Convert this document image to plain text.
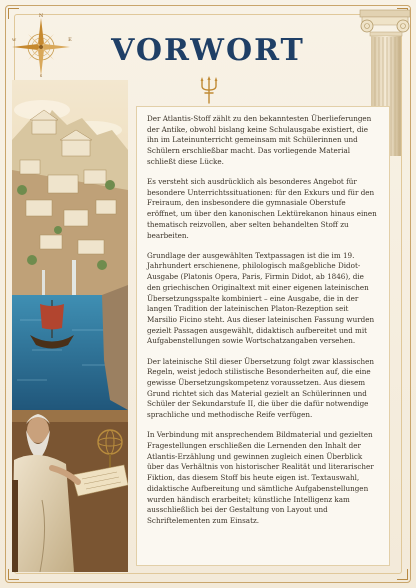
N
E
S
W	VORWORT

Der Atlantis-Stoff zählt zu den bekanntesten Überlieferungen der Antike, obwohl bislang keine Schulausgabe existiert, die ihn im Lateinunterricht gemeinsam mit Schülerinnen und Schülern erschließbar macht. Das vorliegende Material schließt diese Lücke.

Es versteht sich ausdrücklich als besonderes Angebot für besondere Unterrichtssituationen: für den Exkurs und für den Freiraum, den insbesondere die gymnasiale Oberstufe eröffnet, um über den kanonischen Lektürekanon hinaus einen thematisch reizvollen, aber selten behandelten Stoff zu bearbeiten.

Grundlage der ausgewählten Textpassagen ist die im 19. Jahrhundert erschienene, philologisch maßgebliche Didot-Ausgabe (Platonis Opera, Paris, Firmin Didot, ab 1846), die den griechischen Originaltext mit einer eigenen lateinischen Übersetzungsspalte kombiniert – eine Ausgabe, die in der langen Tradition der lateinischen Platon-Rezeption seit Marsilio Ficino steht. Aus dieser lateinischen Fassung wurden gezielt Passagen ausgewählt, didaktisch aufbereitet und mit Aufgabenstellungen sowie Wortschatzangaben versehen.

Der lateinische Stil dieser Übersetzung folgt zwar klassischen Regeln, weist jedoch stilistische Besonderheiten auf, die eine gewisse Übersetzungskompetenz voraussetzen. Aus diesem Grund richtet sich das Material gezielt an Schülerinnen und Schüler der Sekundarstufe II, die über die dafür notwendige sprachliche und methodische Reife verfügen.

In Verbindung mit ansprechendem Bildmaterial und gezielten Fragestellungen erschließen die Lernenden den Inhalt der Atlantis-Erzählung und gewinnen zugleich einen Überblick über das Verhältnis von historischer Realität und literarischer Fiktion, das diesem Stoff bis heute eigen ist. Textauswahl, didaktische Aufbereitung und sämtliche Aufgabenstellungen wurden händisch erarbeitet; künstliche Intelligenz kam ausschließlich bei der Gestaltung von Layout und Schriftelementen zum Einsatz.
